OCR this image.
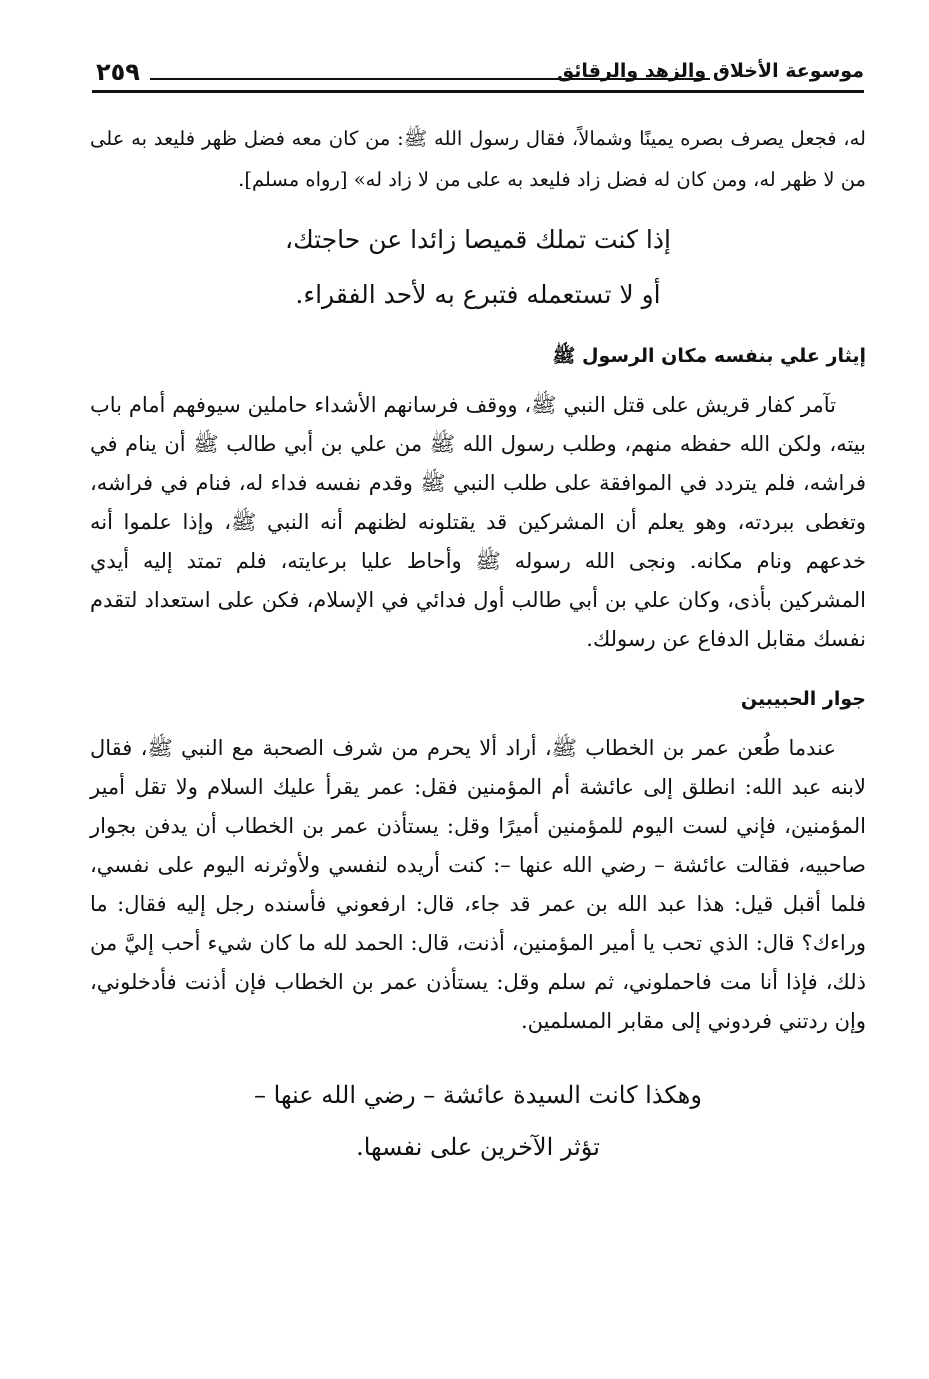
٢٥٩	موسوعة الأخلاق والزهد والرقائق

له، فجعل يصرف بصره يمينًا وشمالاً، فقال رسول الله ﷺ: من كان معه فضل ظهر فليعد به على من لا ظهر له، ومن كان له فضل زاد فليعد به على من لا زاد له» [رواه مسلم].

إذا كنت تملك قميصا زائدا عن حاجتك،
أو لا تستعمله فتبرع به لأحد الفقراء.
إيثار علي بنفسه مكان الرسول ﷺ

تآمر كفار قريش على قتل النبي ﷺ، ووقف فرسانهم الأشداء حاملين سيوفهم أمام باب بيته، ولكن الله حفظه منهم، وطلب رسول الله ﷺ من علي بن أبي طالب ﷺ أن ينام في فراشه، فلم يتردد في الموافقة على طلب النبي ﷺ وقدم نفسه فداء له، فنام في فراشه، وتغطى ببردته، وهو يعلم أن المشركين قد يقتلونه لظنهم أنه النبي ﷺ، وإذا علموا أنه خدعهم ونام مكانه. ونجى الله رسوله ﷺ وأحاط عليا برعايته، فلم تمتد إليه أيدي المشركين بأذى، وكان علي بن أبي طالب أول فدائي في الإسلام، فكن على استعداد لتقدم نفسك مقابل الدفاع عن رسولك.

جوار الحبيبين

عندما طُعن عمر بن الخطاب ﷺ، أراد ألا يحرم من شرف الصحبة مع النبي ﷺ، فقال لابنه عبد الله: انطلق إلى عائشة أم المؤمنين فقل: عمر يقرأ عليك السلام ولا تقل أمير المؤمنين، فإني لست اليوم للمؤمنين أميرًا وقل: يستأذن عمر بن الخطاب أن يدفن بجوار صاحبيه، فقالت عائشة – رضي الله عنها –: كنت أريده لنفسي ولأوثرنه اليوم على نفسي، فلما أقبل قيل: هذا عبد الله بن عمر قد جاء، قال: ارفعوني فأسنده رجل إليه فقال: ما وراءك؟ قال: الذي تحب يا أمير المؤمنين، أذنت، قال: الحمد لله ما كان شيء أحب إليَّ من ذلك، فإذا أنا مت فاحملوني، ثم سلم وقل: يستأذن عمر بن الخطاب فإن أذنت فأدخلوني، وإن ردتني فردوني إلى مقابر المسلمين.

وهكذا كانت السيدة عائشة – رضي الله عنها –
تؤثر الآخرين على نفسها.
